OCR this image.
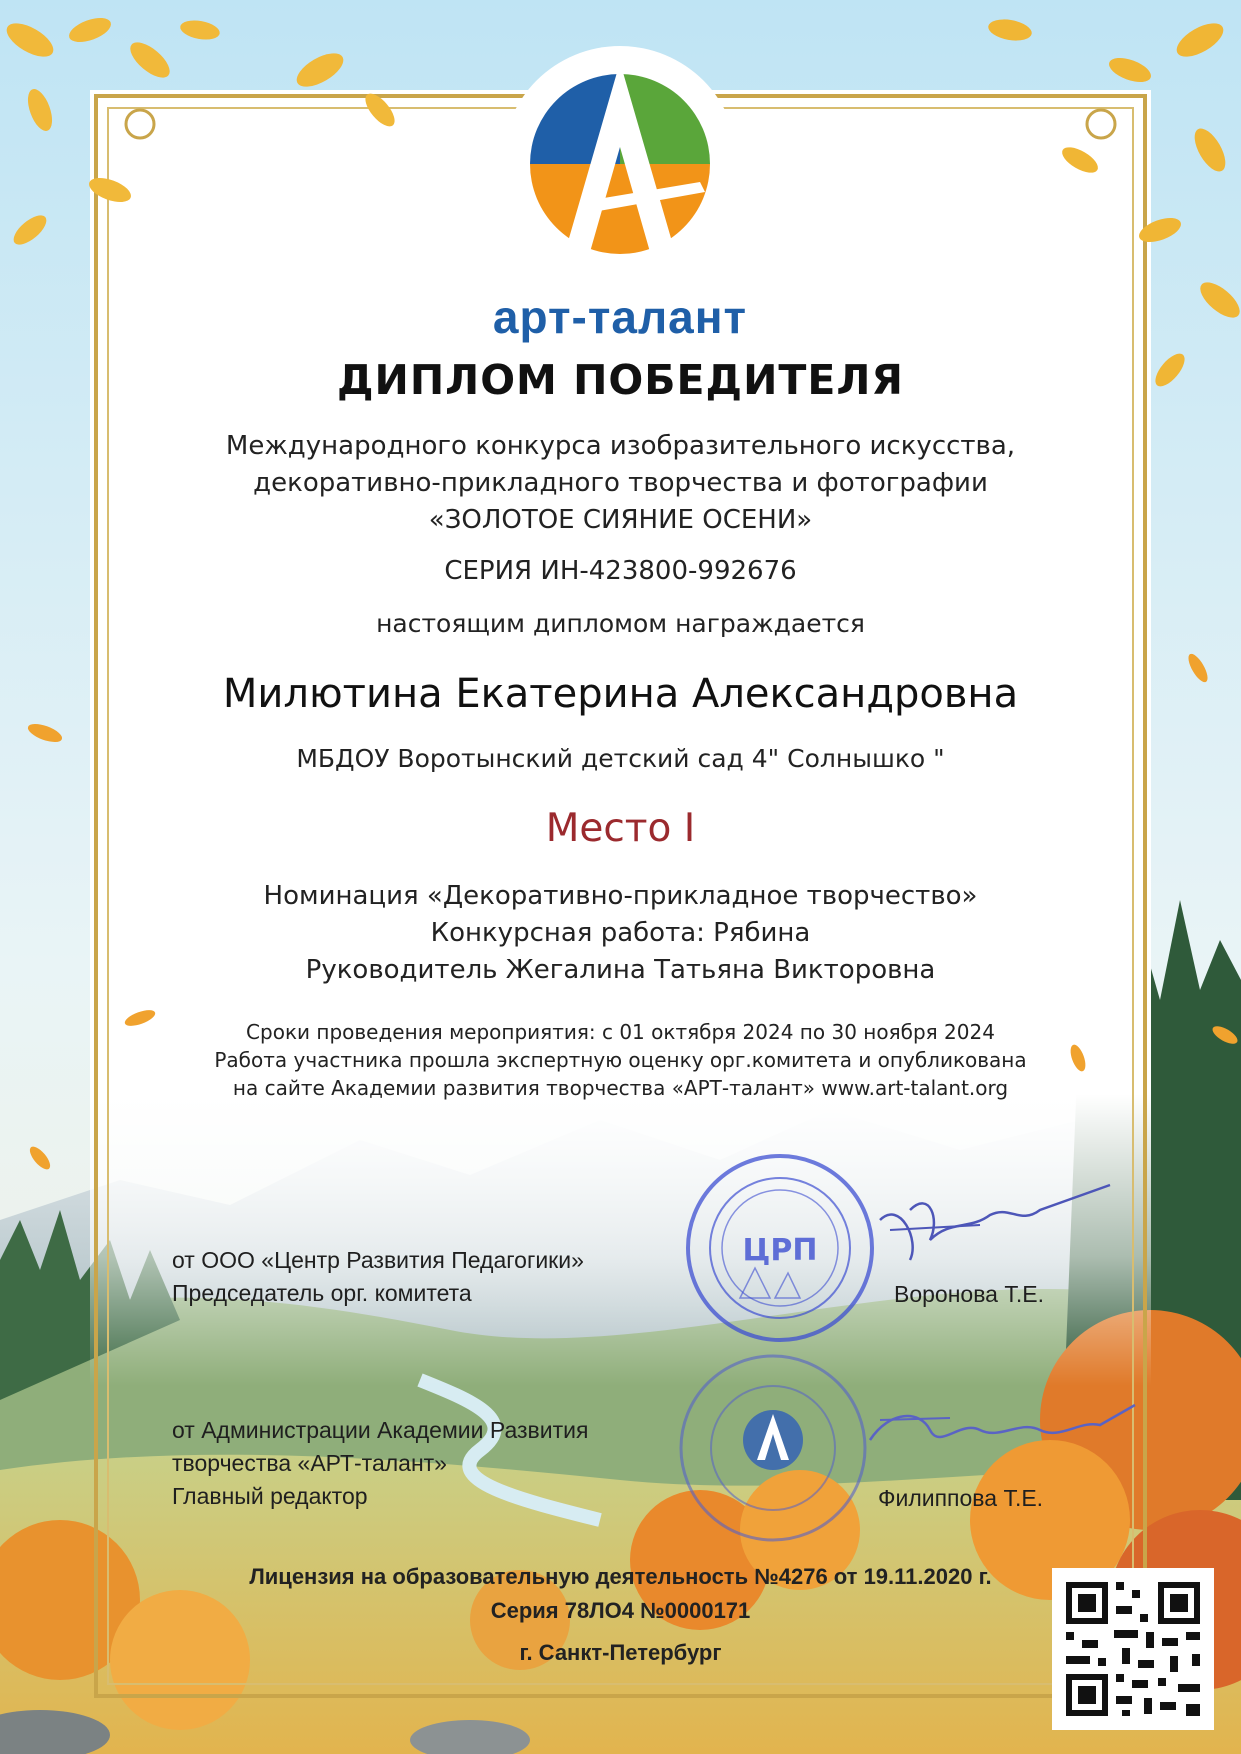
арт-талант
ДИПЛОМ ПОБЕДИТЕЛЯ
Международного конкурса изобразительного искусства,
декоративно-прикладного творчества и фотографии
«ЗОЛОТОЕ СИЯНИЕ ОСЕНИ»
СЕРИЯ ИН-423800-992676
настоящим дипломом награждается
Милютина Екатерина Александровна
МБДОУ Воротынский детский сад 4" Солнышко "
Место I
Номинация «Декоративно-прикладное творчество»
Конкурсная работа: Рябина
Руководитель Жегалина Татьяна Викторовна
Сроки проведения мероприятия: с 01 октября 2024 по 30 ноября 2024
Работа участника прошла экспертную оценку орг.комитета и опубликована
на сайте Академии развития творчества «АРТ-талант» www.art-talant.org
от ООО «Центр Развития Педагогики»
Председатель орг. комитета
ЦРП
Воронова Т.Е.
от Администрации Академии Развития
творчества «АРТ-талант»
Главный редактор	Филиппова Т.Е.
Лицензия на образовательную деятельность №4276 от 19.11.2020 г.
Серия 78ЛО4 №0000171
г. Санкт-Петербург
